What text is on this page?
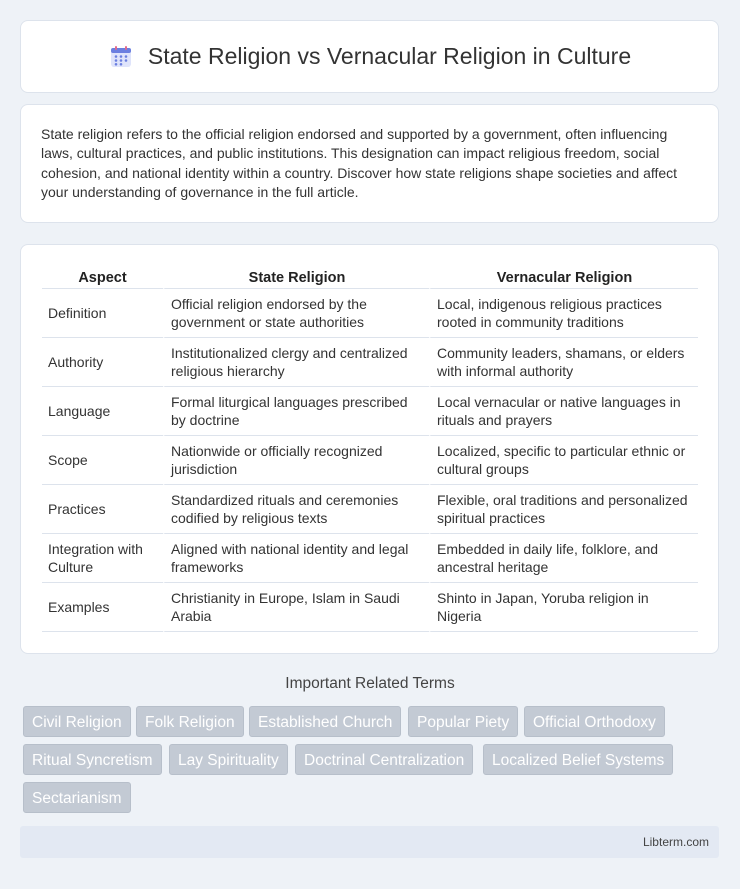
State Religion vs Vernacular Religion in Culture

State religion refers to the official religion endorsed and supported by a government, often influencing laws, cultural practices, and public institutions. This designation can impact religious freedom, social cohesion, and national identity within a country. Discover how state religions shape societies and affect your understanding of governance in the full article.

Aspect	State Religion	Vernacular Religion
Definition	Official religion endorsed by the government or state authorities	Local, indigenous religious practices rooted in community traditions
Authority	Institutionalized clergy and centralized religious hierarchy	Community leaders, shamans, or elders with informal authority
Language	Formal liturgical languages prescribed by doctrine	Local vernacular or native languages in rituals and prayers
Scope	Nationwide or officially recognized jurisdiction	Localized, specific to particular ethnic or cultural groups
Practices	Standardized rituals and ceremonies codified by religious texts	Flexible, oral traditions and personalized spiritual practices
Integration with Culture	Aligned with national identity and legal frameworks	Embedded in daily life, folklore, and ancestral heritage
Examples	Christianity in Europe, Islam in Saudi Arabia	Shinto in Japan, Yoruba religion in Nigeria
Important Related Terms
Civil Religion	Folk Religion	Established Church	Popular Piety	Official Orthodoxy
Ritual Syncretism	Lay Spirituality	Doctrinal Centralization	Localized Belief Systems
Sectarianism
Libterm.com
